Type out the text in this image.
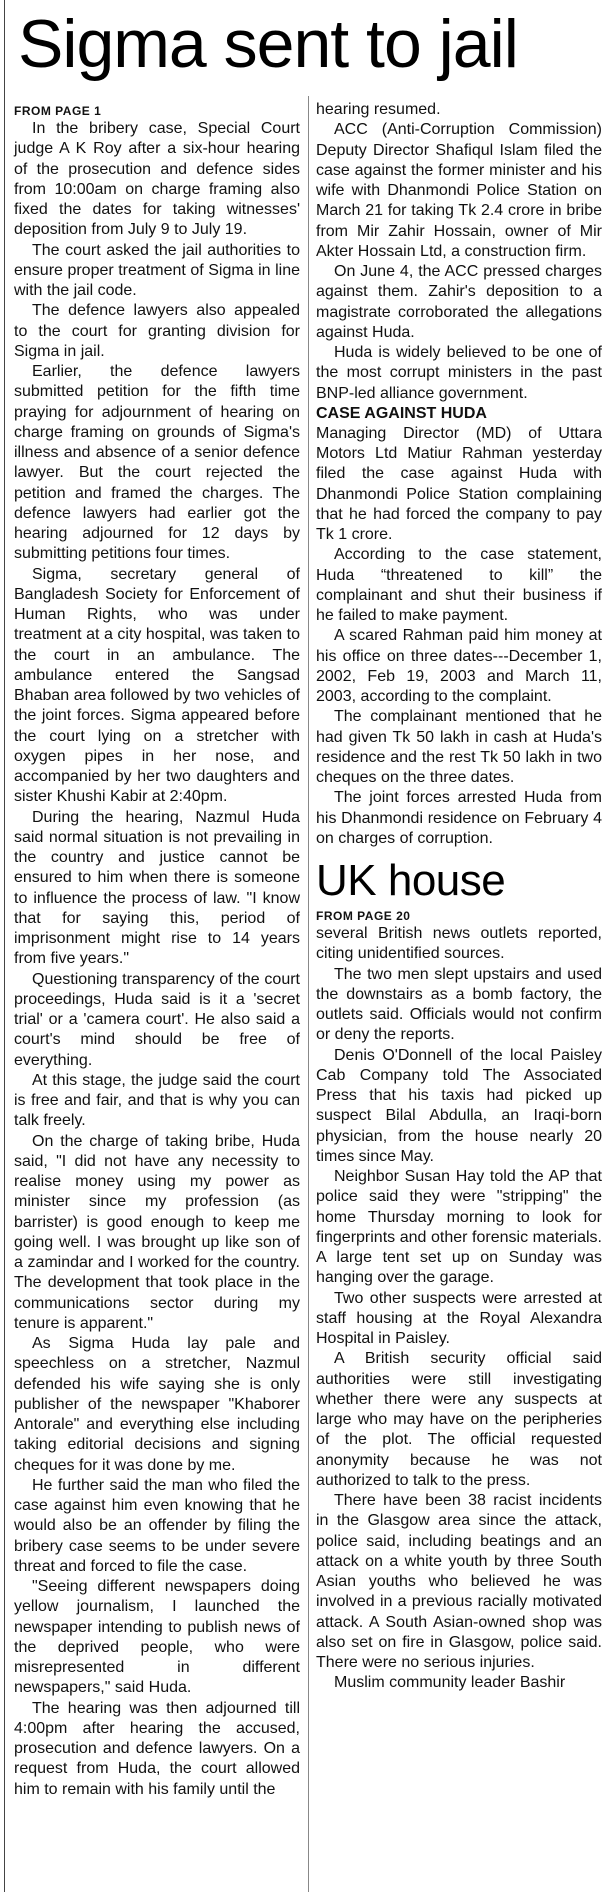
Sigma sent to jail
FROM PAGE 1

In the bribery case, Special Court judge A K Roy after a six-hour hearing of the prosecution and defence sides from 10:00am on charge framing also fixed the dates for taking witnesses' deposition from July 9 to July 19.

The court asked the jail authorities to ensure proper treatment of Sigma in line with the jail code.

The defence lawyers also appealed to the court for granting division for Sigma in jail.

Earlier, the defence lawyers submitted petition for the fifth time praying for adjournment of hearing on charge framing on grounds of Sigma's illness and absence of a senior defence lawyer. But the court rejected the petition and framed the charges. The defence lawyers had earlier got the hearing adjourned for 12 days by submitting petitions four times.

Sigma, secretary general of Bangladesh Society for Enforcement of Human Rights, who was under treatment at a city hospital, was taken to the court in an ambulance. The ambulance entered the Sangsad Bhaban area followed by two vehicles of the joint forces. Sigma appeared before the court lying on a stretcher with oxygen pipes in her nose, and accompanied by her two daughters and sister Khushi Kabir at 2:40pm.

During the hearing, Nazmul Huda said normal situation is not prevailing in the country and justice cannot be ensured to him when there is someone to influence the process of law. "I know that for saying this, period of imprisonment might rise to 14 years from five years."

Questioning transparency of the court proceedings, Huda said is it a 'secret trial' or a 'camera court'. He also said a court's mind should be free of everything.

At this stage, the judge said the court is free and fair, and that is why you can talk freely.

On the charge of taking bribe, Huda said, "I did not have any necessity to realise money using my power as minister since my profession (as barrister) is good enough to keep me going well. I was brought up like son of a zamindar and I worked for the country. The development that took place in the communications sector during my tenure is apparent."

As Sigma Huda lay pale and speechless on a stretcher, Nazmul defended his wife saying she is only publisher of the newspaper "Khaborer Antorale" and everything else including taking editorial decisions and signing cheques for it was done by me.

He further said the man who filed the case against him even knowing that he would also be an offender by filing the bribery case seems to be under severe threat and forced to file the case.

"Seeing different newspapers doing yellow journalism, I launched the newspaper intending to publish news of the deprived people, who were misrepresented in different newspapers," said Huda.

The hearing was then adjourned till 4:00pm after hearing the accused, prosecution and defence lawyers. On a request from Huda, the court allowed him to remain with his family until the

hearing resumed.

ACC (Anti-Corruption Commission) Deputy Director Shafiqul Islam filed the case against the former minister and his wife with Dhanmondi Police Station on March 21 for taking Tk 2.4 crore in bribe from Mir Zahir Hossain, owner of Mir Akter Hossain Ltd, a construction firm.

On June 4, the ACC pressed charges against them. Zahir's deposition to a magistrate corroborated the allegations against Huda.

Huda is widely believed to be one of the most corrupt ministers in the past BNP-led alliance government.

CASE AGAINST HUDA

Managing Director (MD) of Uttara Motors Ltd Matiur Rahman yesterday filed the case against Huda with Dhanmondi Police Station complaining that he had forced the company to pay Tk 1 crore.

According to the case statement, Huda “threatened to kill” the complainant and shut their business if he failed to make payment.

A scared Rahman paid him money at his office on three dates---December 1, 2002, Feb 19, 2003 and March 11, 2003, according to the complaint.

The complainant mentioned that he had given Tk 50 lakh in cash at Huda's residence and the rest Tk 50 lakh in two cheques on the three dates.

The joint forces arrested Huda from his Dhanmondi residence on February 4 on charges of corruption.

UK house
FROM PAGE 20

several British news outlets reported, citing unidentified sources.

The two men slept upstairs and used the downstairs as a bomb factory, the outlets said. Officials would not confirm or deny the reports.

Denis O'Donnell of the local Paisley Cab Company told The Associated Press that his taxis had picked up suspect Bilal Abdulla, an Iraqi-born physician, from the house nearly 20 times since May.

Neighbor Susan Hay told the AP that police said they were "stripping" the home Thursday morning to look for fingerprints and other forensic materials. A large tent set up on Sunday was hanging over the garage.

Two other suspects were arrested at staff housing at the Royal Alexandra Hospital in Paisley.

A British security official said authorities were still investigating whether there were any suspects at large who may have on the peripheries of the plot. The official requested anonymity because he was not authorized to talk to the press.

There have been 38 racist incidents in the Glasgow area since the attack, police said, including beatings and an attack on a white youth by three South Asian youths who believed he was involved in a previous racially motivated attack. A South Asian-owned shop was also set on fire in Glasgow, police said. There were no serious injuries.

Muslim community leader Bashir
